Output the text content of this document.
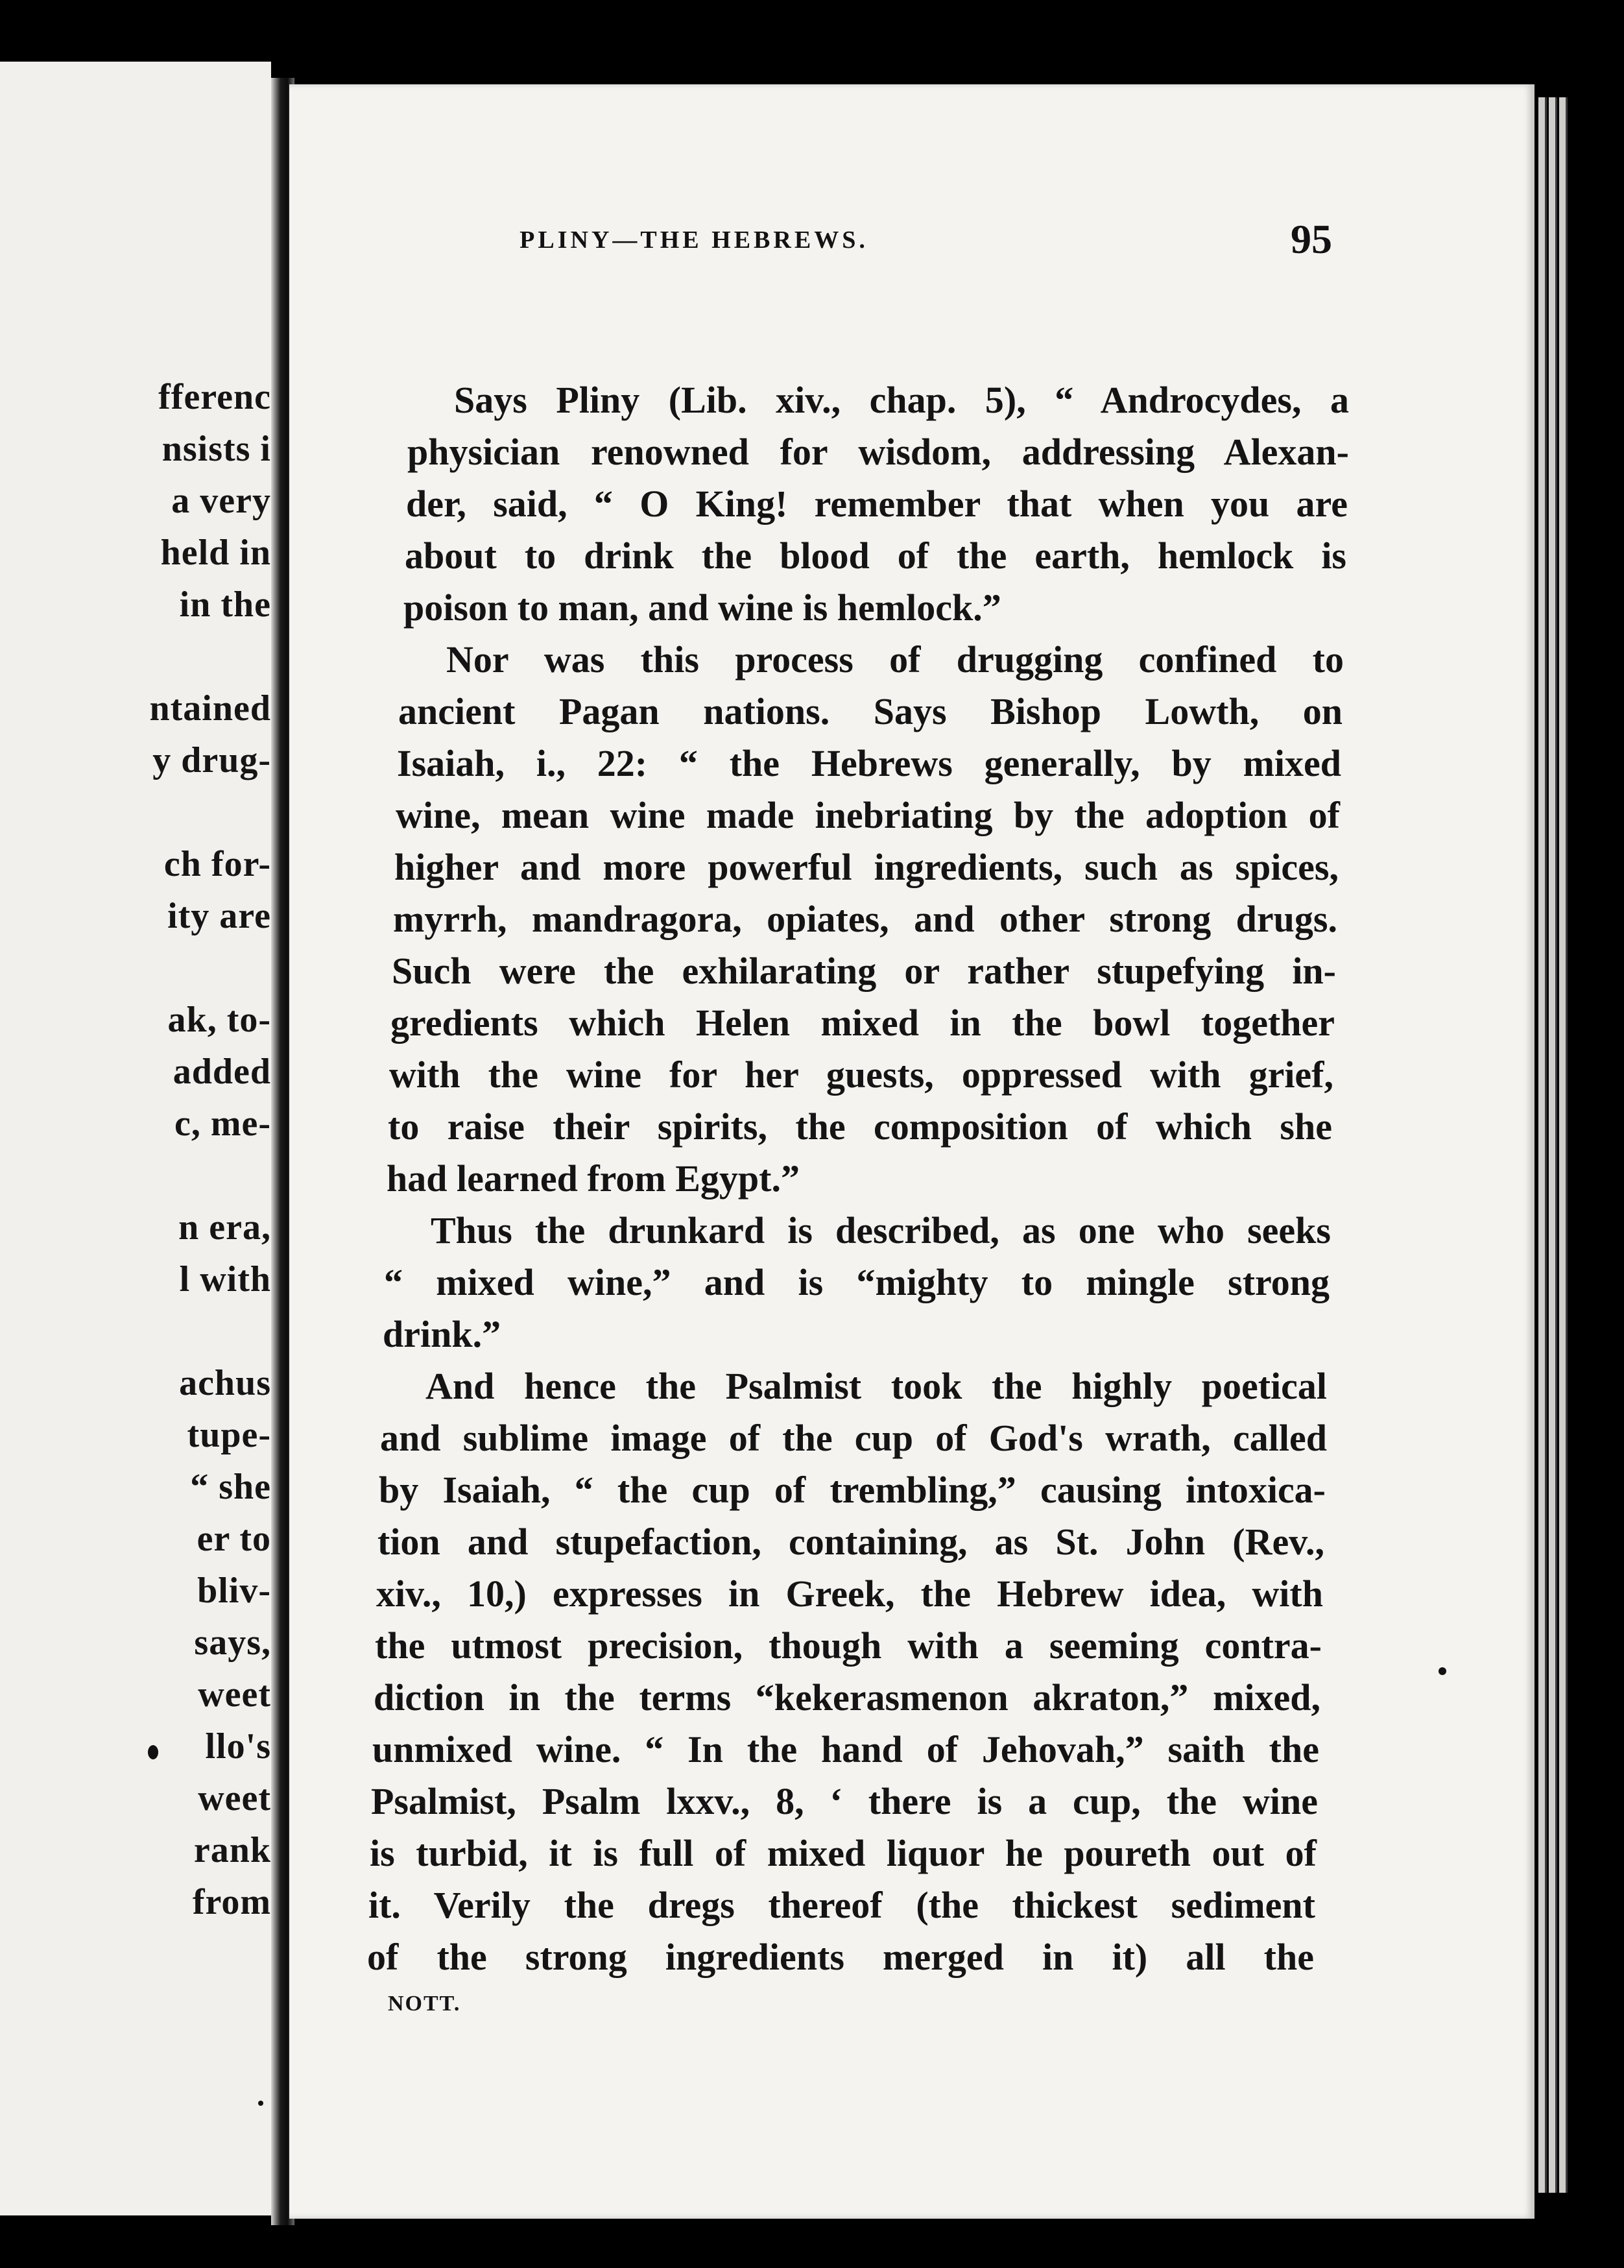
fferenc
nsists i
a very
held in
in the
ntained
y drug-
ch for-
ity are
ak, to-
added
c, me-
n era,
l with
achus
tupe-
“ she
er to
bliv-
says,
weet
llo's
weet
rank
from
PLINY—THE HEBREWS.	95
Says Pliny (Lib. xiv., chap. 5), “ Androcydes, a
physician renowned for wisdom, addressing Alexan-
der, said, “ O King! remember that when you are
about to drink the blood of the earth, hemlock is
poison to man, and wine is hemlock.”
Nor was this process of drugging confined to
ancient Pagan nations. Says Bishop Lowth, on
Isaiah, i., 22: “ the Hebrews generally, by mixed
wine, mean wine made inebriating by the adoption of
higher and more powerful ingredients, such as spices,
myrrh, mandragora, opiates, and other strong drugs.
Such were the exhilarating or rather stupefying in-
gredients which Helen mixed in the bowl together
with the wine for her guests, oppressed with grief,
to raise their spirits, the composition of which she
had learned from Egypt.”
Thus the drunkard is described, as one who seeks
“ mixed wine,” and is “mighty to mingle strong
drink.”
And hence the Psalmist took the highly poetical
and sublime image of the cup of God's wrath, called
by Isaiah, “ the cup of trembling,” causing intoxica-
tion and stupefaction, containing, as St. John (Rev.,
xiv., 10,) expresses in Greek, the Hebrew idea, with
the utmost precision, though with a seeming contra-
diction in the terms “kekerasmenon akraton,” mixed,
unmixed wine. “ In the hand of Jehovah,” saith the
Psalmist, Psalm lxxv., 8, ‘ there is a cup, the wine
is turbid, it is full of mixed liquor he poureth out of
it. Verily the dregs thereof (the thickest sediment
of the strong ingredients merged in it) all the
NOTT.
